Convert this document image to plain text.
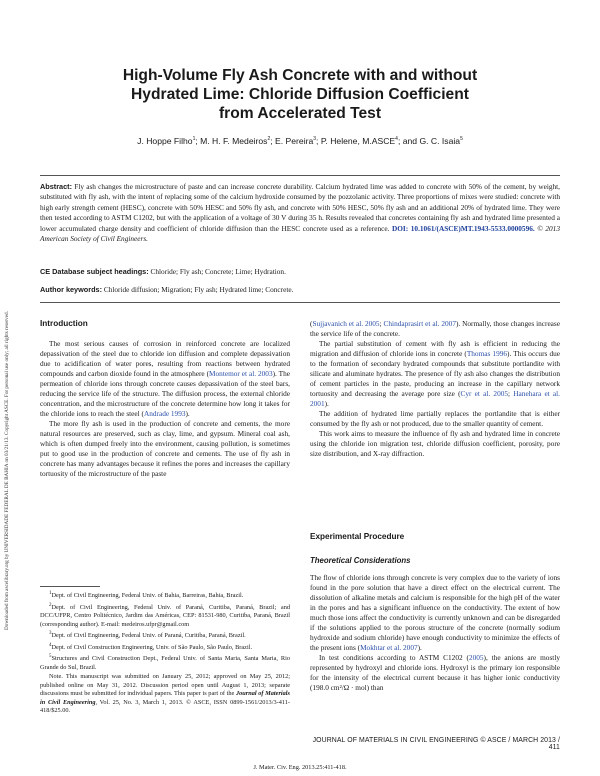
Downloaded from ascelibrary.org by UNIVERSIDADE FEDERAL DE BAHIA on 03/21/13. Copyright ASCE. For personal use only; all rights reserved.
High-Volume Fly Ash Concrete with and without
Hydrated Lime: Chloride Diffusion Coefficient
from Accelerated Test
J. Hoppe Filho$^1$; M. H. F. Medeiros$^2$; E. Pereira$^3$; P. Helene, M.ASCE$^4$; and G. C. Isaia$^5$
Abstract: Fly ash changes the microstructure of paste and can increase concrete durability. Calcium hydrated lime was added to concrete with 50% of the cement, by weight, substituted with fly ash, with the intent of replacing some of the calcium hydroxide consumed by the pozzolanic activity. Three proportions of mixes were studied: concrete with high early strength cement (HESC), concrete with 50% HESC and 50% fly ash, and concrete with 50% HESC, 50% fly ash and an additional 20% of hydrated lime. They were then tested according to ASTM C1202, but with the application of a voltage of 30 V during 35 h. Results revealed that concretes containing fly ash and hydrated lime presented a lower accumulated charge density and coefficient of chloride diffusion than the HESC concrete used as a reference. DOI: 10.1061/(ASCE)MT.1943-5533.0000596. © 2013 American Society of Civil Engineers.
CE Database subject headings: Chloride; Fly ash; Concrete; Lime; Hydration.
Author keywords: Chloride diffusion; Migration; Fly ash; Hydrated lime; Concrete.
Introduction

The most serious causes of corrosion in reinforced concrete are localized depassivation of the steel due to chloride ion diffusion and complete depassivation due to acidification of water pores, resulting from reactions between hydrated compounds and carbon dioxide found in the atmosphere (Montemor et al. 2003). The permeation of chloride ions through concrete causes depassivation of the steel bars, reducing the service life of the structure. The diffusion process, the external chloride concentration, and the microstructure of the concrete determine how long it takes for the chloride ions to reach the steel (Andrade 1993).

The more fly ash is used in the production of concrete and cements, the more natural resources are preserved, such as clay, lime, and gypsum. Mineral coal ash, which is often dumped freely into the environment, causing pollution, is sometimes put to good use in the production of concrete and cements. The use of fly ash in concrete has many advantages because it refines the pores and increases the capillary tortuosity of the microstructure of the paste

$^1$Dept. of Civil Engineering, Federal Univ. of Bahia, Barreiras, Bahia, Brazil.

$^2$Dept. of Civil Engineering, Federal Univ. of Paraná, Curitiba, Paraná, Brazil; and DCC/UFPR, Centro Politécnico, Jardim das Américas, CEP: 81531-980, Curitiba, Paraná, Brazil (corresponding author). E-mail: medeiros.ufpr@gmail.com

$^3$Dept. of Civil Engineering, Federal Univ. of Paraná, Curitiba, Paraná, Brazil.

$^4$Dept. of Civil Construction Engineering, Univ. of São Paulo, São Paulo, Brazil.

$^5$Structures and Civil Construction Dept., Federal Univ. of Santa Maria, Santa Maria, Rio Grande do Sul, Brazil.

Note. This manuscript was submitted on January 25, 2012; approved on May 25, 2012; published online on May 31, 2012. Discussion period open until August 1, 2013; separate discussions must be submitted for individual papers. This paper is part of the Journal of Materials in Civil Engineering, Vol. 25, No. 3, March 1, 2013. © ASCE, ISSN 0899-1561/2013/3-411-418/$25.00.

(Sujjavanich et al. 2005; Chindaprasirt et al. 2007). Normally, those changes increase the service life of the concrete.

The partial substitution of cement with fly ash is efficient in reducing the migration and diffusion of chloride ions in concrete (Thomas 1996). This occurs due to the formation of secondary hydrated compounds that substitute portlandite with silicate and aluminate hydrates. The presence of fly ash also changes the distribution of cement particles in the paste, producing an increase in the capillary network tortuosity and decreasing the average pore size (Cyr et al. 2005; Hanehara et al. 2001).

The addition of hydrated lime partially replaces the portlandite that is either consumed by the fly ash or not produced, due to the smaller quantity of cement.

This work aims to measure the influence of fly ash and hydrated lime in concrete using the chloride ion migration test, chloride diffusion coefficient, porosity, pore size distribution, and X-ray diffraction.

Experimental Procedure
Theoretical Considerations

The flow of chloride ions through concrete is very complex due to the variety of ions found in the pore solution that have a direct effect on the electrical current. The dissolution of alkaline metals and calcium is responsible for the high pH of the water in the pores and has a significant influence on the conductivity. The extent of how much those ions affect the conductivity is currently unknown and can be disregarded if the solutions applied to the porous structure of the concrete (normally sodium hydroxide and sodium chloride) have enough conductivity to minimize the effects of the present ions (Mokhtar et al. 2007).

In test conditions according to ASTM C1202 (2005), the anions are mostly represented by hydroxyl and chloride ions. Hydroxyl is the primary ion responsible for the intensity of the electrical current because it has higher ionic conductivity (198.0 cm²/Ω · mol) than

JOURNAL OF MATERIALS IN CIVIL ENGINEERING © ASCE / MARCH 2013 / 411
J. Mater. Civ. Eng. 2013.25:411-418.
